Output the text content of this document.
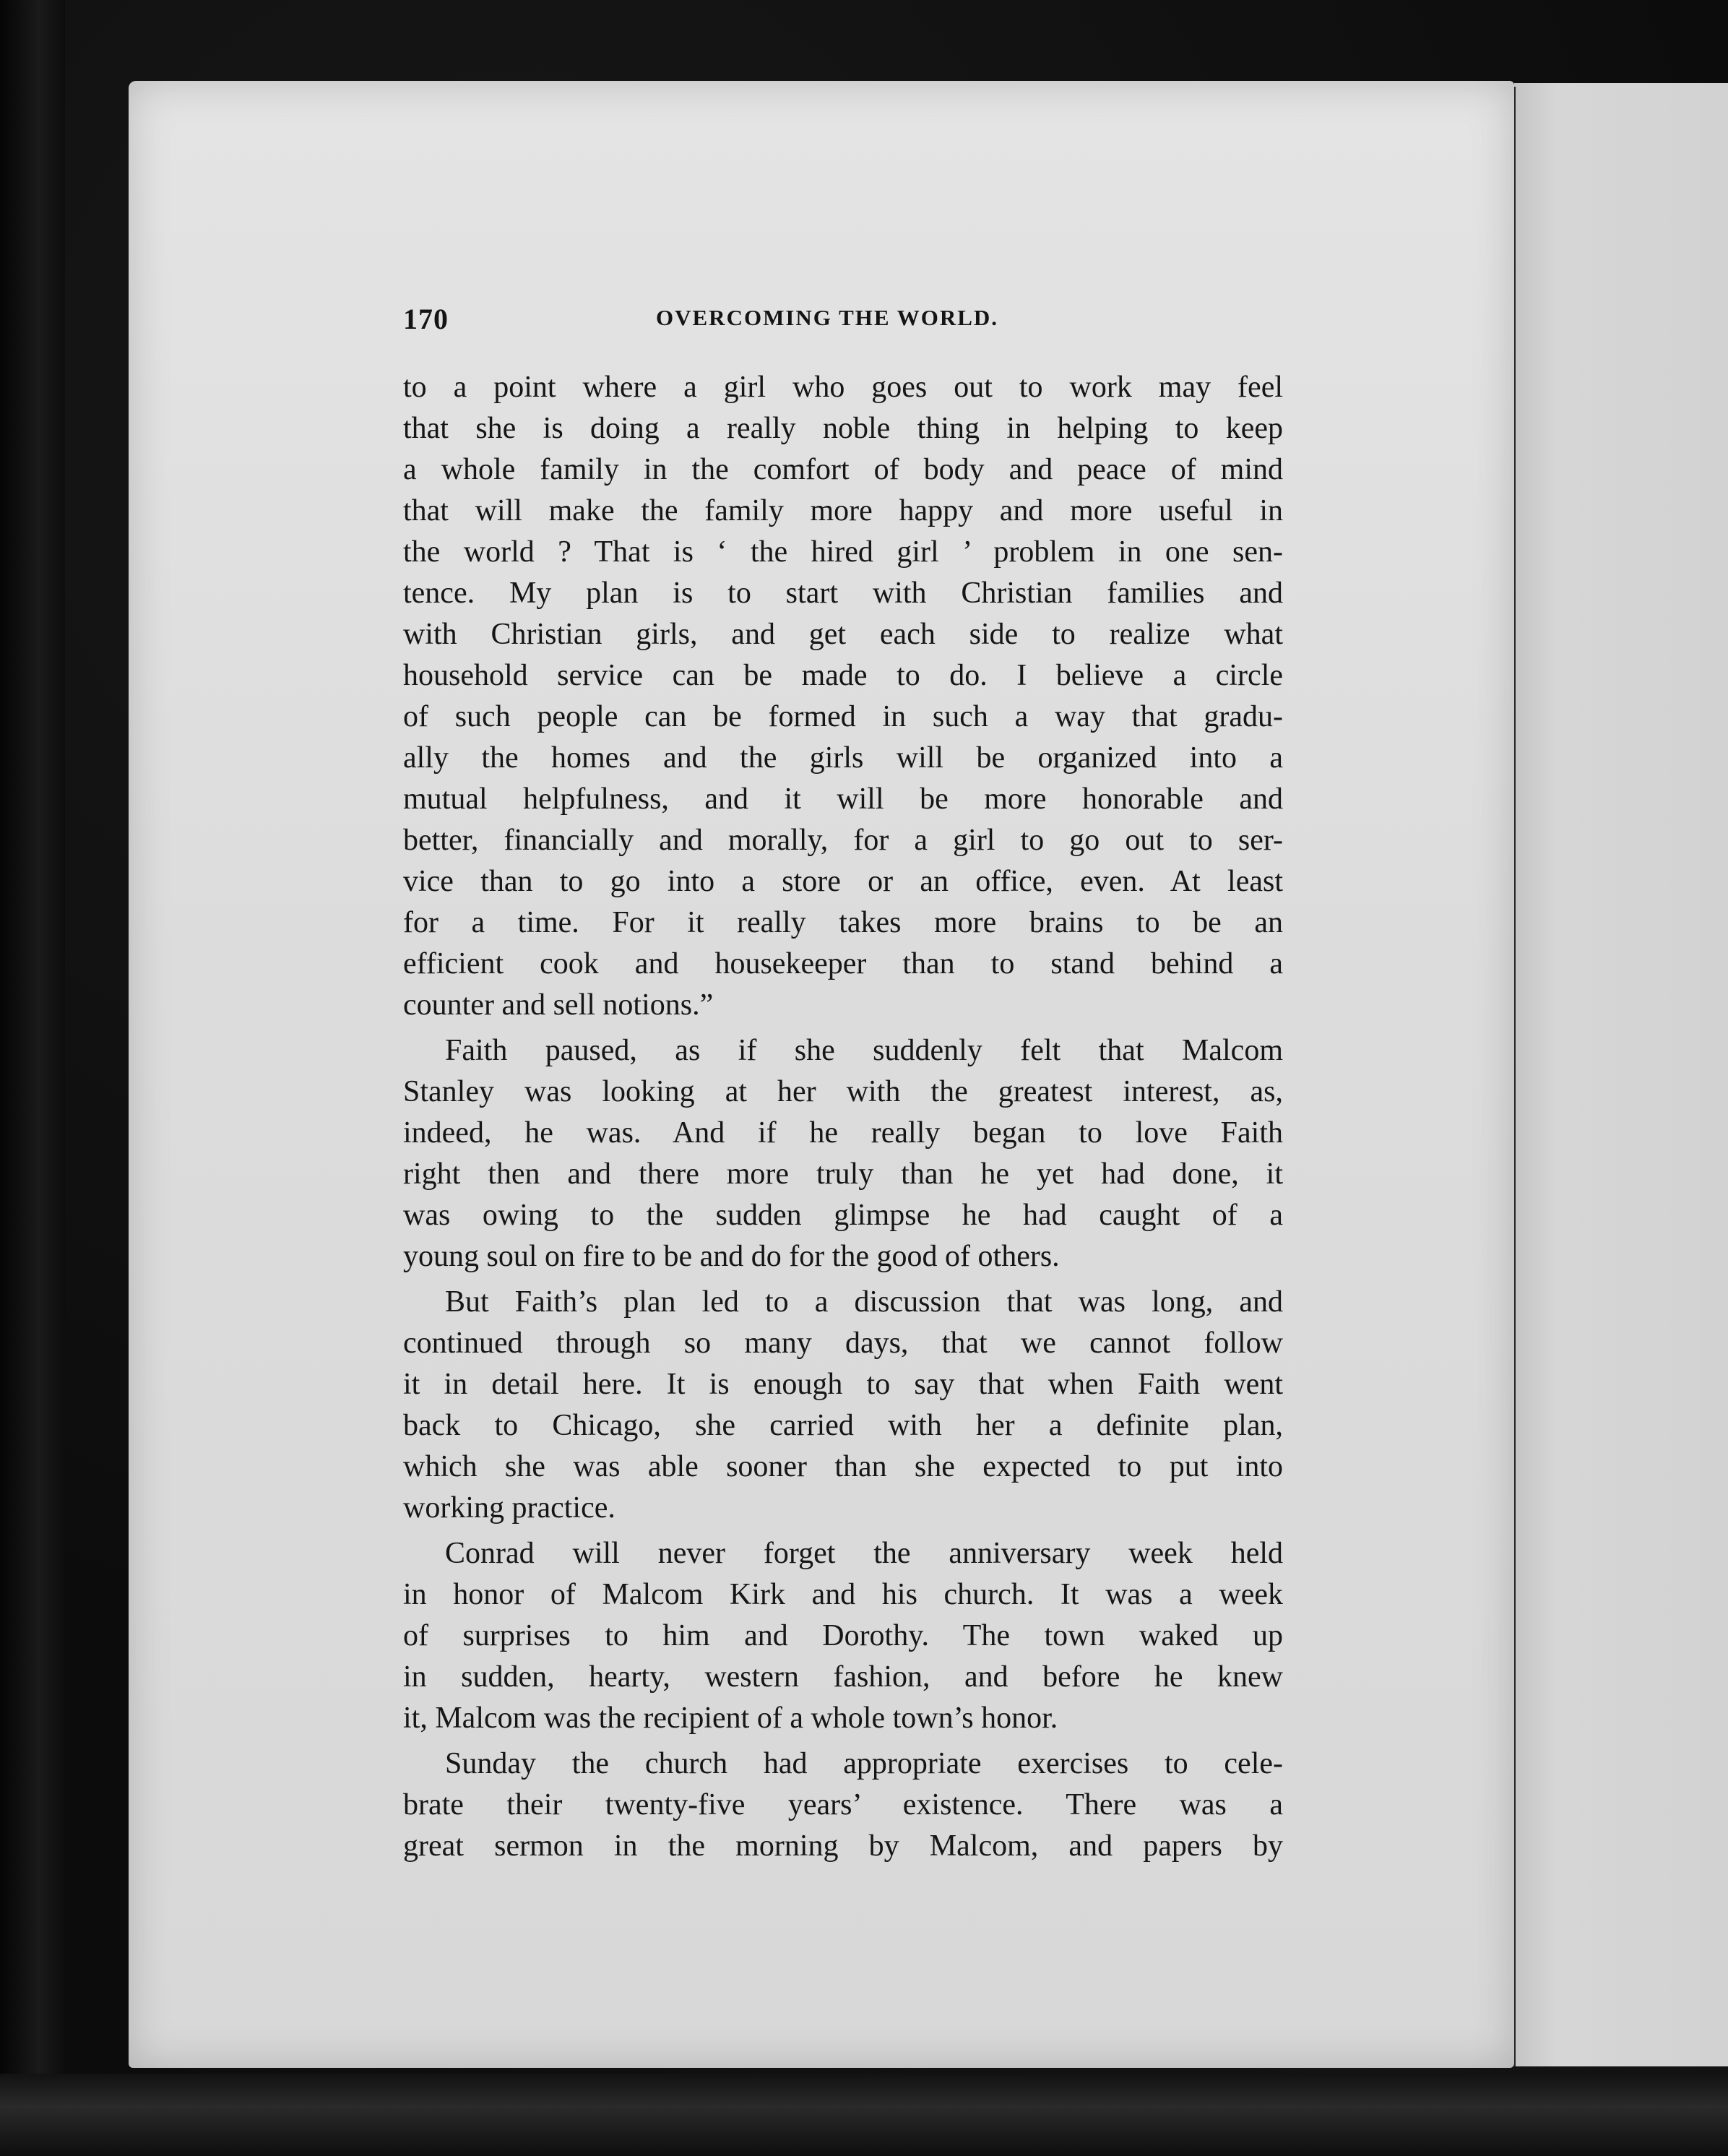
170	OVERCOMING THE WORLD.
to a point where a girl who goes out to work may feel
that she is doing a really noble thing in helping to keep
a whole family in the comfort of body and peace of mind
that will make the family more happy and more useful in
the world ? That is ‘ the hired girl ’ problem in one sen-
tence. My plan is to start with Christian families and
with Christian girls, and get each side to realize what
household service can be made to do. I believe a circle
of such people can be formed in such a way that gradu-
ally the homes and the girls will be organized into a
mutual helpfulness, and it will be more honorable and
better, financially and morally, for a girl to go out to ser-
vice than to go into a store or an office, even. At least
for a time. For it really takes more brains to be an
efficient cook and housekeeper than to stand behind a
counter and sell notions.”
Faith paused, as if she suddenly felt that Malcom
Stanley was looking at her with the greatest interest, as,
indeed, he was. And if he really began to love Faith
right then and there more truly than he yet had done, it
was owing to the sudden glimpse he had caught of a
young soul on fire to be and do for the good of others.
But Faith’s plan led to a discussion that was long, and
continued through so many days, that we cannot follow
it in detail here. It is enough to say that when Faith went
back to Chicago, she carried with her a definite plan,
which she was able sooner than she expected to put into
working practice.
Conrad will never forget the anniversary week held
in honor of Malcom Kirk and his church. It was a week
of surprises to him and Dorothy. The town waked up
in sudden, hearty, western fashion, and before he knew
it, Malcom was the recipient of a whole town’s honor.
Sunday the church had appropriate exercises to cele-
brate their twenty-five years’ existence. There was a
great sermon in the morning by Malcom, and papers by
